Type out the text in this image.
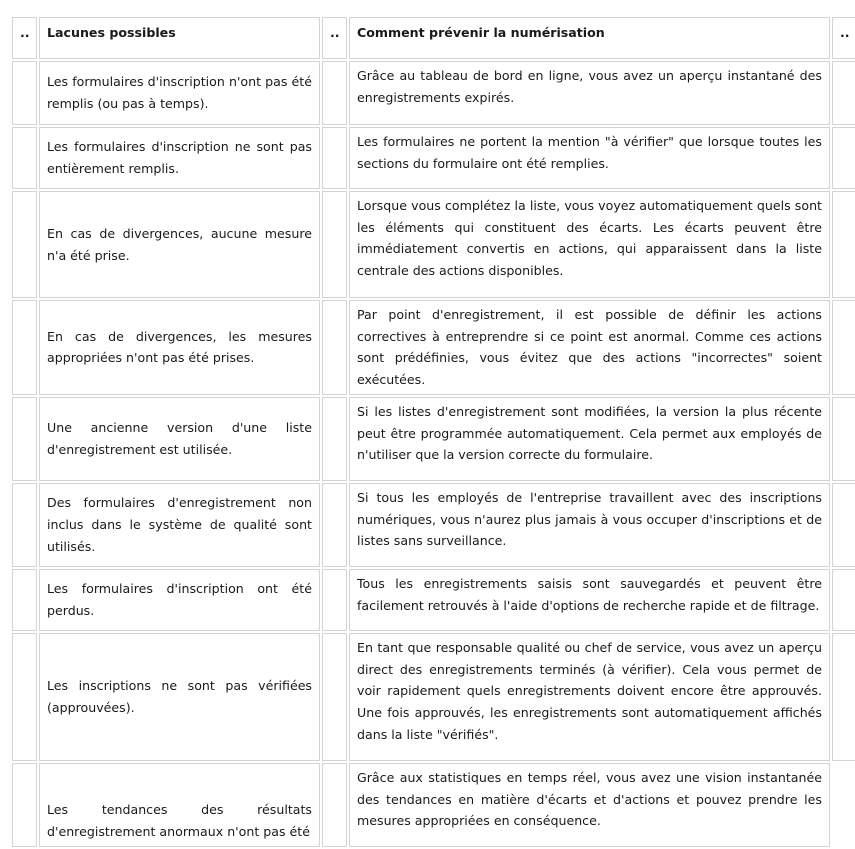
..	Lacunes possibles	..	Comment prévenir la numérisation	..
	Les formulaires d'inscription n'ont pas été remplis (ou pas à temps).		Grâce au tableau de bord en ligne, vous avez un aperçu instantané des enregistrements expirés.	
	Les formulaires d'inscription ne sont pas entièrement remplis.		Les formulaires ne portent la mention "à vérifier" que lorsque toutes les sections du formulaire ont été remplies.	
	En cas de divergences, aucune mesure n'a été prise.		Lorsque vous complétez la liste, vous voyez automatiquement quels sont les éléments qui constituent des écarts. Les écarts peuvent être immédiatement convertis en actions, qui apparaissent dans la liste centrale des actions disponibles.	
	En cas de divergences, les mesures appropriées n'ont pas été prises.		Par point d'enregistrement, il est possible de définir les actions correctives à entreprendre si ce point est anormal. Comme ces actions sont prédéfinies, vous évitez que des actions "incorrectes" soient exécutées.	
	Une ancienne version d'une liste d'enregistrement est utilisée.		Si les listes d'enregistrement sont modifiées, la version la plus récente peut être programmée automatiquement. Cela permet aux employés de n'utiliser que la version correcte du formulaire.	
	Des formulaires d'enregistrement non inclus dans le système de qualité sont utilisés.		Si tous les employés de l'entreprise travaillent avec des inscriptions numériques, vous n'aurez plus jamais à vous occuper d'inscriptions et de listes sans surveillance.	
	Les formulaires d'inscription ont été perdus.		Tous les enregistrements saisis sont sauvegardés et peuvent être facilement retrouvés à l'aide d'options de recherche rapide et de filtrage.	
	Les inscriptions ne sont pas vérifiées (approuvées).		En tant que responsable qualité ou chef de service, vous avez un aperçu direct des enregistrements terminés (à vérifier). Cela vous permet de voir rapidement quels enregistrements doivent encore être approuvés. Une fois approuvés, les enregistrements sont automatiquement affichés dans la liste "vérifiés".	
	Les tendances des résultats d'enregistrement anormaux n'ont pas été		Grâce aux statistiques en temps réel, vous avez une vision instantanée des tendances en matière d'écarts et d'actions et pouvez prendre les mesures appropriées en conséquence.	
